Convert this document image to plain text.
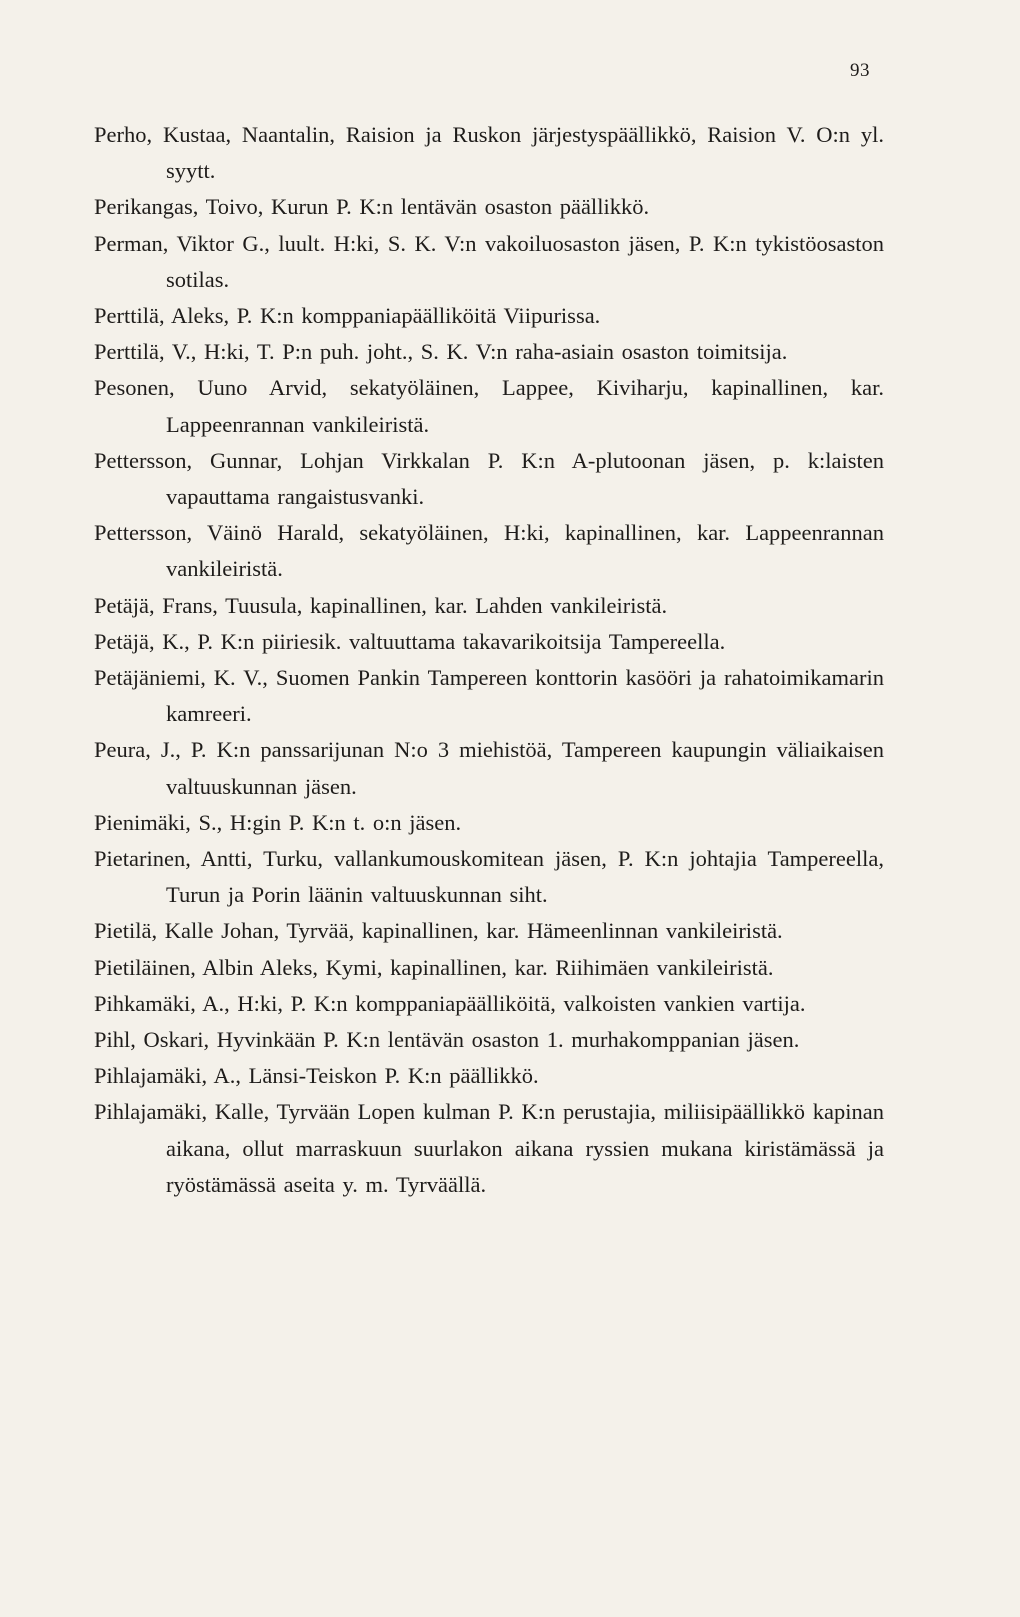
93

Perho, Kustaa, Naantalin, Raision ja Ruskon järjestyspäällikkö, Raision V. O:n yl. syytt.

Perikangas, Toivo, Kurun P. K:n lentävän osaston päällikkö.

Perman, Viktor G., luult. H:ki, S. K. V:n vakoiluosaston jäsen, P. K:n tykistöosaston sotilas.

Perttilä, Aleks, P. K:n komppaniapäälliköitä Viipurissa.

Perttilä, V., H:ki, T. P:n puh. joht., S. K. V:n raha-asiain osaston toimitsija.

Pesonen, Uuno Arvid, sekatyöläinen, Lappee, Kiviharju, kapinallinen, kar. Lappeenrannan vankileiristä.

Pettersson, Gunnar, Lohjan Virkkalan P. K:n A-plutoonan jäsen, p. k:laisten vapauttama rangaistusvanki.

Pettersson, Väinö Harald, sekatyöläinen, H:ki, kapinallinen, kar. Lappeenrannan vankileiristä.

Petäjä, Frans, Tuusula, kapinallinen, kar. Lahden vankileiristä.

Petäjä, K., P. K:n piiriesik. valtuuttama takavarikoitsija Tampereella.

Petäjäniemi, K. V., Suomen Pankin Tampereen konttorin kasööri ja rahatoimikamarin kamreeri.

Peura, J., P. K:n panssarijunan N:o 3 miehistöä, Tampereen kaupungin väliaikaisen valtuuskunnan jäsen.

Pienimäki, S., H:gin P. K:n t. o:n jäsen.

Pietarinen, Antti, Turku, vallankumouskomitean jäsen, P. K:n johtajia Tampereella, Turun ja Porin läänin valtuuskunnan siht.

Pietilä, Kalle Johan, Tyrvää, kapinallinen, kar. Hämeenlinnan vankileiristä.

Pietiläinen, Albin Aleks, Kymi, kapinallinen, kar. Riihimäen vankileiristä.

Pihkamäki, A., H:ki, P. K:n komppaniapäälliköitä, valkoisten vankien vartija.

Pihl, Oskari, Hyvinkään P. K:n lentävän osaston 1. murhakomppanian jäsen.

Pihlajamäki, A., Länsi-Teiskon P. K:n päällikkö.

Pihlajamäki, Kalle, Tyrvään Lopen kulman P. K:n perustajia, miliisipäällikkö kapinan aikana, ollut marraskuun suurlakon aikana ryssien mukana kiristämässä ja ryöstämässä aseita y. m. Tyrväällä.
